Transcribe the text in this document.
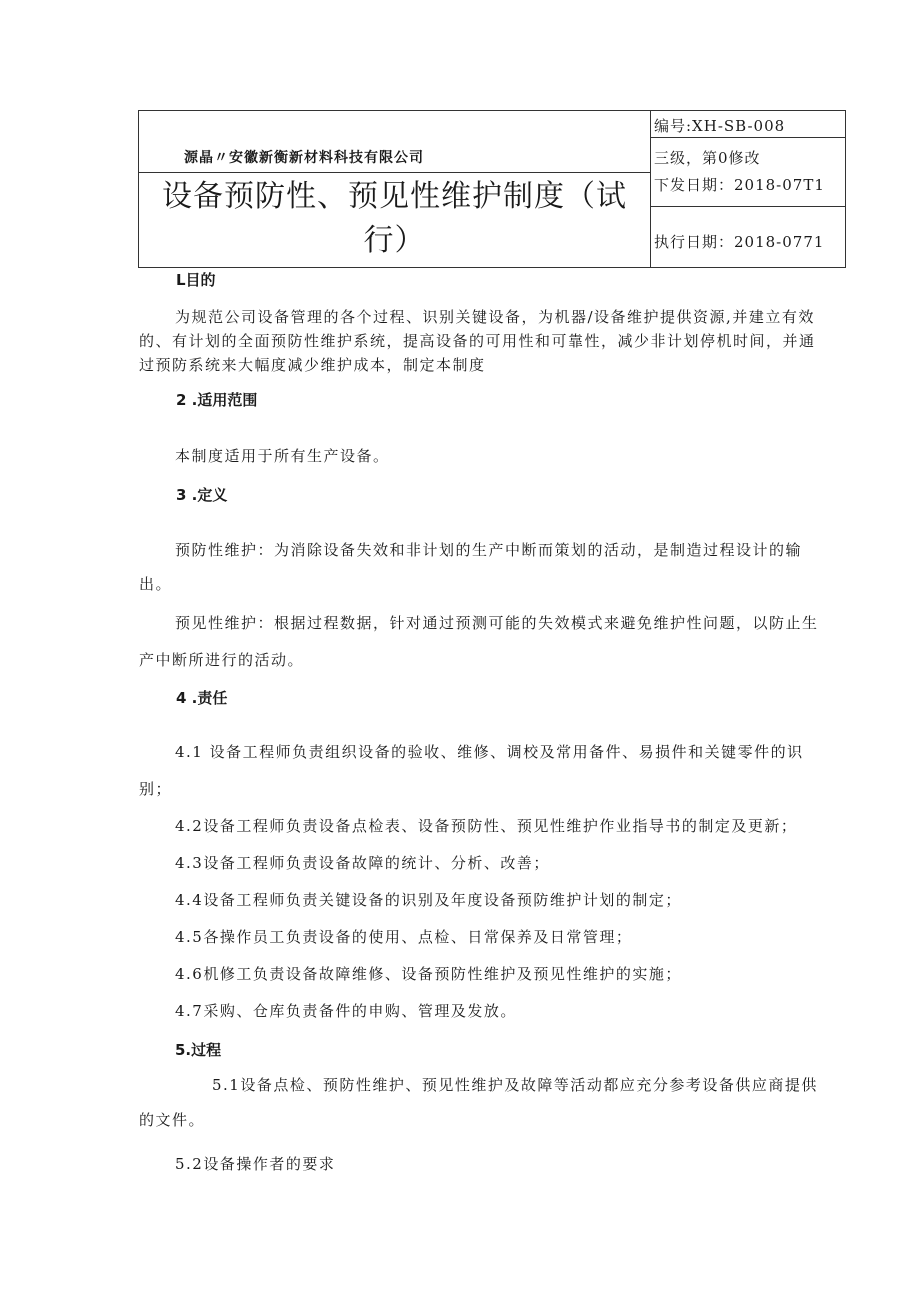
源晶〃安徽新衡新材料科技有限公司
设备预防性、预见性维护制度（试
行）
编号:XH-SB-008
三级，第0修改
下发日期：2018-07T1
执行日期：2018-0771
L目的
为规范公司设备管理的各个过程、识别关键设备，为机器/设备维护提供资源,并建立有效
的、有计划的全面预防性维护系统，提高设备的可用性和可靠性，减少非计划停机时间，并通
过预防系统来大幅度减少维护成本，制定本制度
2 .适用范围
本制度适用于所有生产设备。
3 .定义
预防性维护：为消除设备失效和非计划的生产中断而策划的活动，是制造过程设计的输
出。
预见性维护：根据过程数据，针对通过预测可能的失效模式来避免维护性问题，以防止生
产中断所进行的活动。
4 .责任
4.1 设备工程师负责组织设备的验收、维修、调校及常用备件、易损件和关键零件的识
别；
4.2设备工程师负责设备点检表、设备预防性、预见性维护作业指导书的制定及更新；
4.3设备工程师负责设备故障的统计、分析、改善；
4.4设备工程师负责关键设备的识别及年度设备预防维护计划的制定；
4.5各操作员工负责设备的使用、点检、日常保养及日常管理；
4.6机修工负责设备故障维修、设备预防性维护及预见性维护的实施；
4.7采购、仓库负责备件的申购、管理及发放。
5.过程
5.1设备点检、预防性维护、预见性维护及故障等活动都应充分参考设备供应商提供
的文件。
5.2设备操作者的要求
